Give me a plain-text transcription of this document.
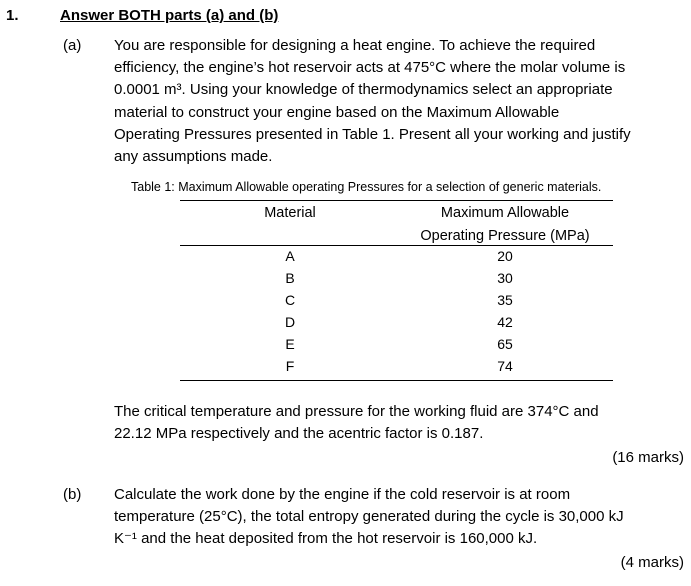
1.	Answer BOTH parts (a) and (b)
(a) You are responsible for designing a heat engine. To achieve the required
efficiency, the engine’s hot reservoir acts at 475°C where the molar volume is
0.0001 m³. Using your knowledge of thermodynamics select an appropriate
material to construct your engine based on the Maximum Allowable
Operating Pressures presented in Table 1. Present all your working and justify
any assumptions made.
Table 1: Maximum Allowable operating Pressures for a selection of generic materials.
Material	Maximum Allowable
Operating Pressure (MPa)
A	20
B	30
C	35
D	42
E	65
F	74
The critical temperature and pressure for the working fluid are 374°C and
22.12 MPa respectively and the acentric factor is 0.187.
(16 marks)
(b) Calculate the work done by the engine if the cold reservoir is at room
temperature (25°C), the total entropy generated during the cycle is 30,000 kJ
K⁻¹ and the heat deposited from the hot reservoir is 160,000 kJ.
(4 marks)
